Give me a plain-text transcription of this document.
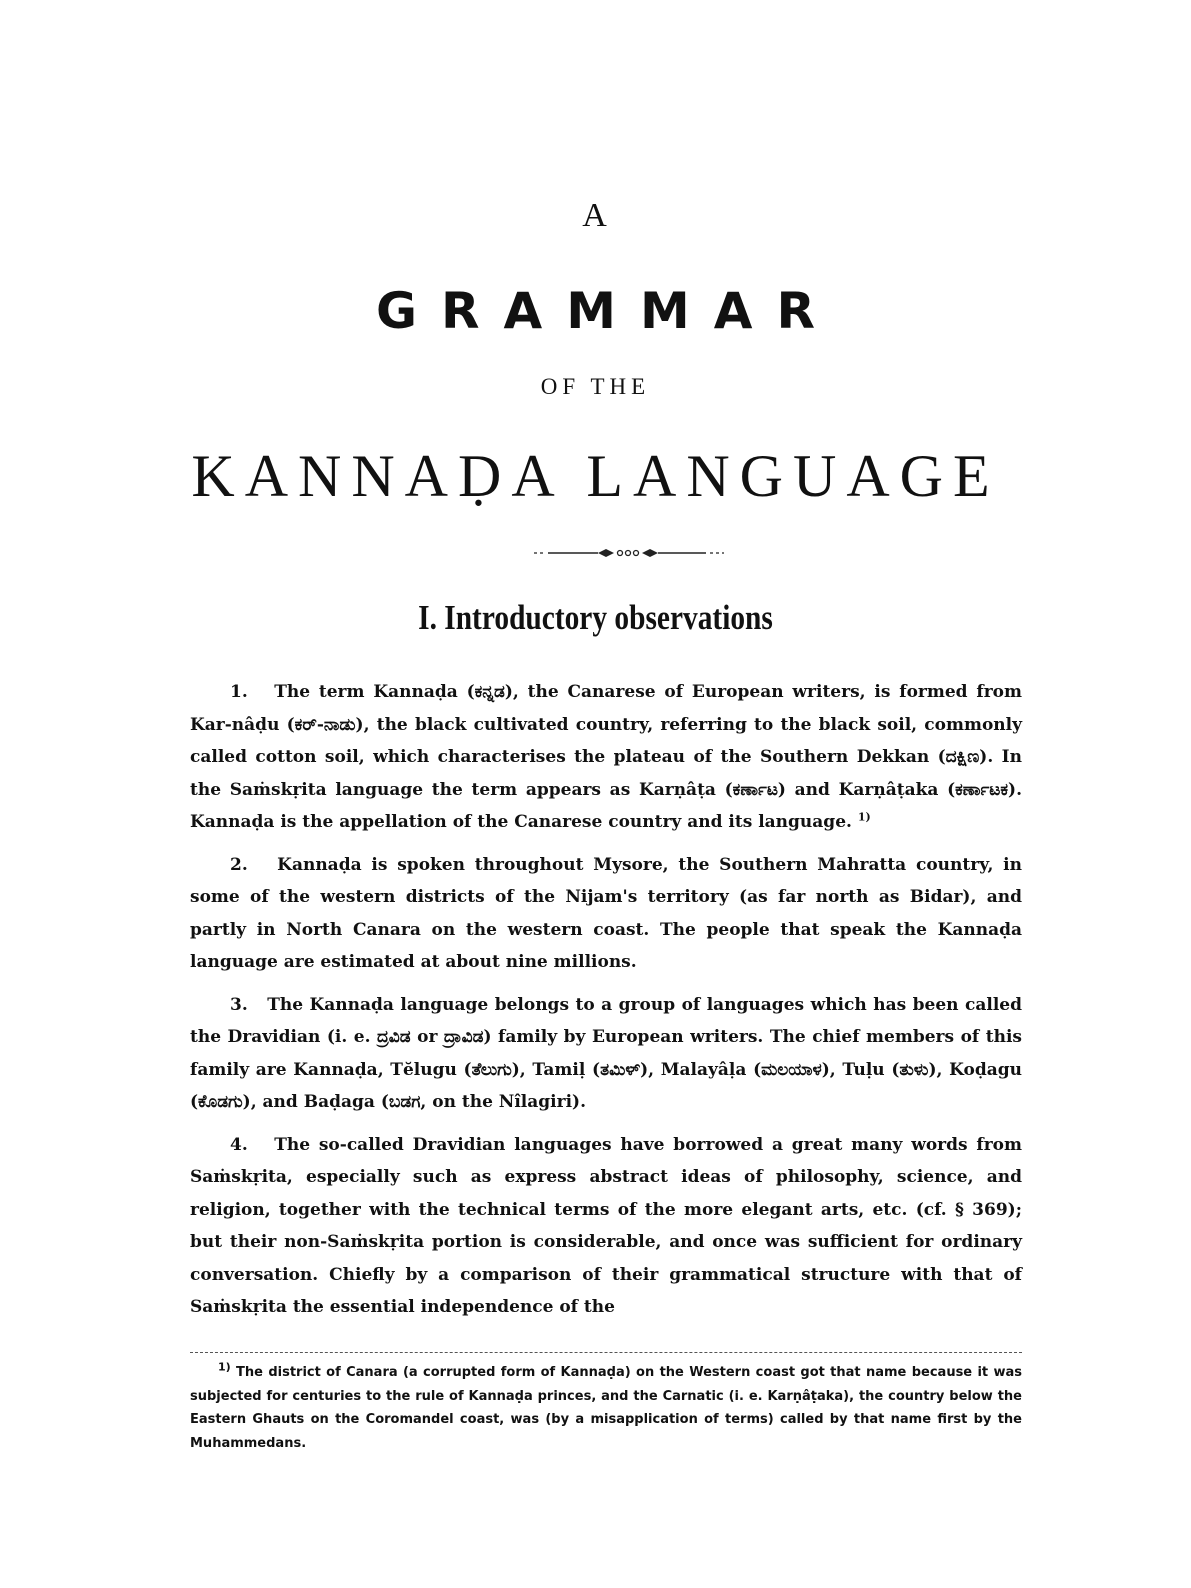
A
GRAMMAR
OF THE
KANNAḌA LANGUAGE
I. Introductory observations

1. The term Kannaḍa (ಕನ್ನಡ), the Canarese of European writers, is formed from Kar-nâḍu (ಕರ್‌-ನಾಡು), the black cultivated country, referring to the black soil, commonly called cotton soil, which characterises the plateau of the Southern Dekkan (ದಕ್ಷಿಣ). In the Saṁskṛita language the term appears as Karṇâṭa (ಕರ್ಣಾಟ) and Karṇâṭaka (ಕರ್ಣಾಟಕ). Kannaḍa is the appellation of the Canarese country and its language. $^{1)}$

2. Kannaḍa is spoken throughout Mysore, the Southern Mahratta country, in some of the western districts of the Nijam's territory (as far north as Bidar), and partly in North Canara on the western coast. The people that speak the Kannaḍa language are estimated at about nine millions.

3. The Kannaḍa language belongs to a group of languages which has been called the Dravidian (i. e. ದ್ರವಿಡ or ದ್ರಾವಿಡ) family by European writers. The chief members of this family are Kannaḍa, Tĕlugu (ತೆಲುಗು), Tamiḷ (ತಮಿಳ್), Malayâḷa (ಮಲಯಾಳ), Tuḷu (ತುಳು), Koḍagu (ಕೊಡಗು), and Baḍaga (ಬಡಗ, on the Nîlagiri).

4. The so-called Dravidian languages have borrowed a great many words from Saṁskṛita, especially such as express abstract ideas of philosophy, science, and religion, together with the technical terms of the more elegant arts, etc. (cf. § 369); but their non-Saṁskṛita portion is considerable, and once was sufficient for ordinary conversation. Chiefly by a comparison of their grammatical structure with that of Saṁskṛita the essential independence of the

$^{1)}$ The district of Canara (a corrupted form of Kannaḍa) on the Western coast got that name because it was subjected for centuries to the rule of Kannaḍa princes, and the Carnatic (i. e. Karṇâṭaka), the country below the Eastern Ghauts on the Coromandel coast, was (by a misapplication of terms) called by that name first by the Muhammedans.
